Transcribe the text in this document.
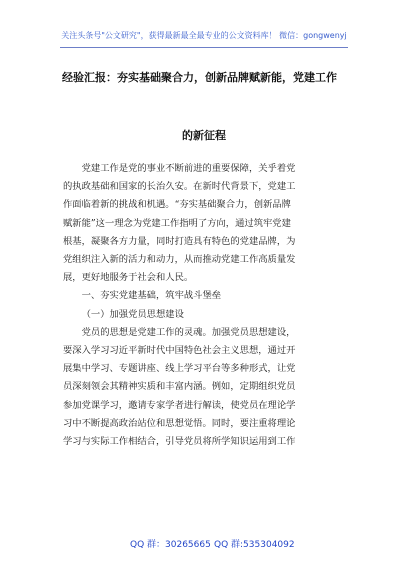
关注头条号"公文研究"，获得最新最全最专业的公文资料库！ 微信：gongwenyj
经验汇报：夯实基础聚合力，创新品牌赋新能，党建工作
的新征程
党建工作是党的事业不断前进的重要保障，关乎着党
的执政基础和国家的长治久安。在新时代背景下，党建工
作面临着新的挑战和机遇。“夯实基础聚合力，创新品牌
赋新能”这一理念为党建工作指明了方向，通过筑牢党建
根基，凝聚各方力量，同时打造具有特色的党建品牌，为
党组织注入新的活力和动力，从而推动党建工作高质量发
展，更好地服务于社会和人民。
一、夯实党建基础，筑牢战斗堡垒
（一）加强党员思想建设
党员的思想是党建工作的灵魂。加强党员思想建设，
要深入学习习近平新时代中国特色社会主义思想，通过开
展集中学习、专题讲座、线上学习平台等多种形式，让党
员深刻领会其精神实质和丰富内涵。例如，定期组织党员
参加党课学习，邀请专家学者进行解读，使党员在理论学
习中不断提高政治站位和思想觉悟。同时，要注重将理论
学习与实际工作相结合，引导党员将所学知识运用到工作
QQ 群：30265665 QQ 群:535304092
